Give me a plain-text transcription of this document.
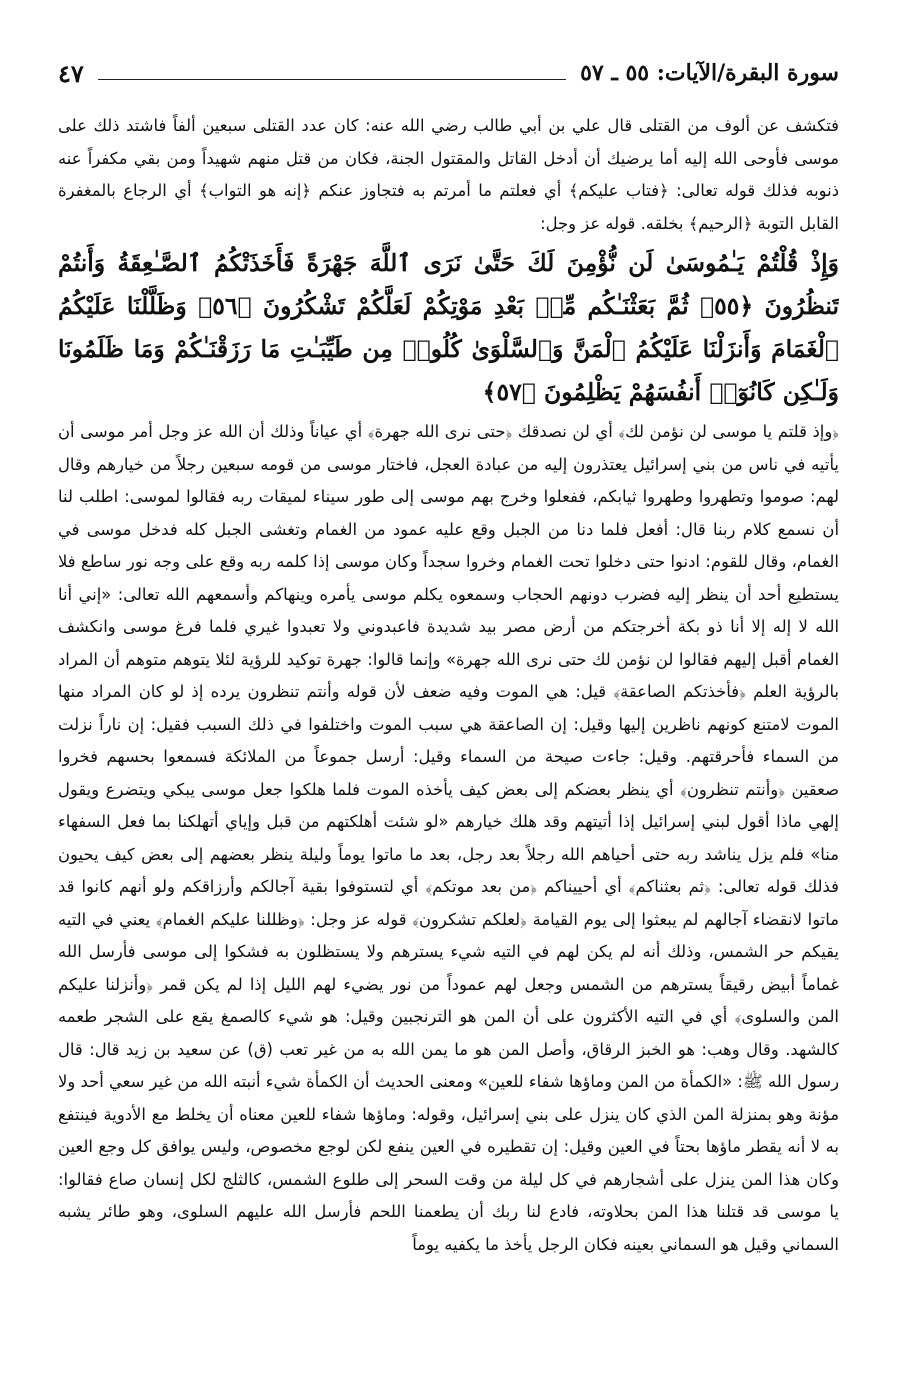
سورة البقرة/الآيات: ٥٥ ـ ٥٧
٤٧

فتكشف عن ألوف من القتلى قال علي بن أبي طالب رضي الله عنه: كان عدد القتلى سبعين ألفاً فاشتد ذلك على موسى فأوحى الله إليه أما يرضيك أن أدخل القاتل والمقتول الجنة، فكان من قتل منهم شهيداً ومن بقي مكفراً عنه ذنوبه فذلك قوله تعالى: ﴿فتاب عليكم﴾ أي فعلتم ما أمرتم به فتجاوز عنكم ﴿إنه هو التواب﴾ أي الرجاع بالمغفرة القابل التوبة ﴿الرحيم﴾ بخلقه. قوله عز وجل:

وَإِذْ قُلْتُمْ يَـٰمُوسَىٰ لَن نُّؤْمِنَ لَكَ حَتَّىٰ نَرَى ٱللَّهَ جَهْرَةً فَأَخَذَتْكُمُ ٱلصَّـٰعِقَةُ وَأَنتُمْ تَنظُرُونَ ﴿٥٥﴾ ثُمَّ بَعَثْنَـٰكُم مِّنۢ بَعْدِ مَوْتِكُمْ لَعَلَّكُمْ تَشْكُرُونَ ﴿٥٦﴾ وَظَلَّلْنَا عَلَيْكُمُ ٱلْغَمَامَ وَأَنزَلْنَا عَلَيْكُمُ ٱلْمَنَّ وَٱلسَّلْوَىٰ كُلُوا۟ مِن طَيِّبَـٰتِ مَا رَزَقْنَـٰكُمْ وَمَا ظَلَمُونَا وَلَـٰكِن كَانُوٓا۟ أَنفُسَهُمْ يَظْلِمُونَ ﴿٥٧﴾

﴿وإذ قلتم يا موسى لن نؤمن لك﴾ أي لن نصدقك ﴿حتى نرى الله جهرة﴾ أي عياناً وذلك أن الله عز وجل أمر موسى أن يأتيه في ناس من بني إسرائيل يعتذرون إليه من عبادة العجل، فاختار موسى من قومه سبعين رجلاً من خيارهم وقال لهم: صوموا وتطهروا وطهروا ثيابكم، ففعلوا وخرج بهم موسى إلى طور سيناء لميقات ربه فقالوا لموسى: اطلب لنا أن نسمع كلام ربنا قال: أفعل فلما دنا من الجبل وقع عليه عمود من الغمام وتغشى الجبل كله فدخل موسى في الغمام، وقال للقوم: ادنوا حتى دخلوا تحت الغمام وخروا سجداً وكان موسى إذا كلمه ربه وقع على وجه نور ساطع فلا يستطيع أحد أن ينظر إليه فضرب دونهم الحجاب وسمعوه يكلم موسى يأمره وينهاكم وأسمعهم الله تعالى: «إني أنا الله لا إله إلا أنا ذو بكة أخرجتكم من أرض مصر بيد شديدة فاعبدوني ولا تعبدوا غيري فلما فرغ موسى وانكشف الغمام أقبل إليهم فقالوا لن نؤمن لك حتى نرى الله جهرة» وإنما قالوا: جهرة توكيد للرؤية لئلا يتوهم متوهم أن المراد بالرؤية العلم ﴿فأخذتكم الصاعقة﴾ قيل: هي الموت وفيه ضعف لأن قوله وأنتم تنظرون يرده إذ لو كان المراد منها الموت لامتنع كونهم ناظرين إليها وقيل: إن الصاعقة هي سبب الموت واختلفوا في ذلك السبب فقيل: إن ناراً نزلت من السماء فأحرقتهم. وقيل: جاءت صيحة من السماء وقيل: أرسل جموعاً من الملائكة فسمعوا بحسهم فخروا صعقين ﴿وأنتم تنظرون﴾ أي ينظر بعضكم إلى بعض كيف يأخذه الموت فلما هلكوا جعل موسى يبكي ويتضرع ويقول إلهي ماذا أقول لبني إسرائيل إذا أتيتهم وقد هلك خيارهم «لو شئت أهلكتهم من قبل وإياي أتهلكنا بما فعل السفهاء منا» فلم يزل يناشد ربه حتى أحياهم الله رجلاً بعد رجل، بعد ما ماتوا يوماً وليلة ينظر بعضهم إلى بعض كيف يحيون فذلك قوله تعالى: ﴿ثم بعثناكم﴾ أي أحييناكم ﴿من بعد موتكم﴾ أي لتستوفوا بقية آجالكم وأرزاقكم ولو أنهم كانوا قد ماتوا لانقضاء آجالهم لم يبعثوا إلى يوم القيامة ﴿لعلكم تشكرون﴾ قوله عز وجل: ﴿وظللنا عليكم الغمام﴾ يعني في التيه يقيكم حر الشمس، وذلك أنه لم يكن لهم في التيه شيء يسترهم ولا يستظلون به فشكوا إلى موسى فأرسل الله غماماً أبيض رقيقاً يسترهم من الشمس وجعل لهم عموداً من نور يضيء لهم الليل إذا لم يكن قمر ﴿وأنزلنا عليكم المن والسلوى﴾ أي في التيه الأكثرون على أن المن هو الترنجبين وقيل: هو شيء كالصمغ يقع على الشجر طعمه كالشهد. وقال وهب: هو الخبز الرقاق، وأصل المن هو ما يمن الله به من غير تعب (ق) عن سعيد بن زيد قال: قال رسول الله ﷺ: «الكمأة من المن وماؤها شفاء للعين» ومعنى الحديث أن الكمأة شيء أنبته الله من غير سعي أحد ولا مؤنة وهو بمنزلة المن الذي كان ينزل على بني إسرائيل، وقوله: وماؤها شفاء للعين معناه أن يخلط مع الأدوية فينتفع به لا أنه يقطر ماؤها بحتاً في العين وقيل: إن تقطيره في العين ينفع لكن لوجع مخصوص، وليس يوافق كل وجع العين وكان هذا المن ينزل على أشجارهم في كل ليلة من وقت السحر إلى طلوع الشمس، كالثلج لكل إنسان صاع فقالوا: يا موسى قد قتلنا هذا المن بحلاوته، فادع لنا ربك أن يطعمنا اللحم فأرسل الله عليهم السلوى، وهو طائر يشبه السماني وقيل هو السماني بعينه فكان الرجل يأخذ ما يكفيه يوماً
